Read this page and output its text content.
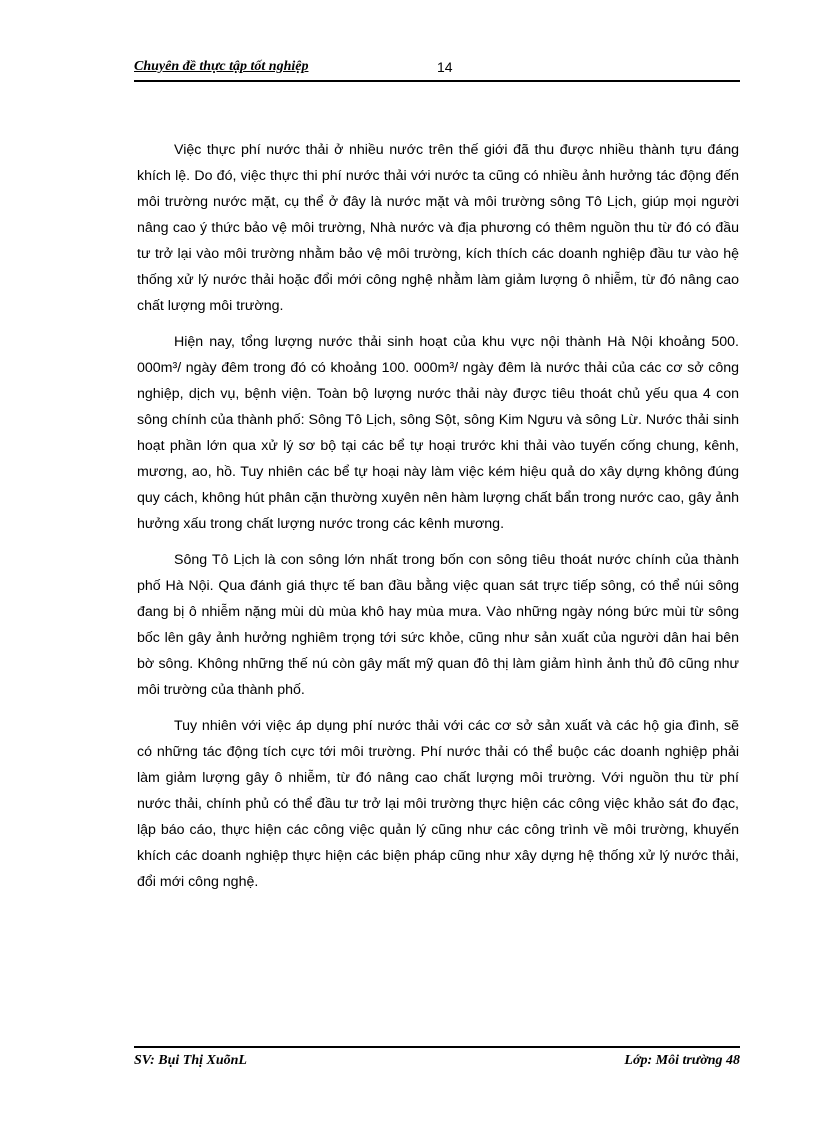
Chuyên đề thực tập tốt nghiệp	14

Việc thực phí nước thải ở nhiều nước trên thế giới đã thu được nhiều thành tựu đáng khích lệ. Do đó, việc thực thi phí nước thải với nước ta cũng có nhiều ảnh hưởng tác động đến môi trường nước mặt, cụ thể ở đây là nước mặt và môi trường sông Tô Lịch, giúp mọi người nâng cao ý thức bảo vệ môi trường, Nhà nước và địa phương có thêm nguồn thu từ đó có đầu tư trở lại vào môi trường nhằm bảo vệ môi trường, kích thích các doanh nghiệp đầu tư vào hệ thống xử lý nước thải hoặc đổi mới công nghệ nhằm làm giảm lượng ô nhiễm, từ đó nâng cao chất lượng môi trường.

Hiện nay, tổng lượng nước thải sinh hoạt của khu vực nội thành Hà Nội khoảng 500. 000m³/ ngày đêm trong đó có khoảng 100. 000m³/ ngày đêm là nước thải của các cơ sở công nghiệp, dịch vụ, bệnh viện. Toàn bộ lượng nước thải này được tiêu thoát chủ yếu qua 4 con sông chính của thành phố: Sông Tô Lịch, sông Sột, sông Kim Ngưu và sông Lừ. Nước thải sinh hoạt phần lớn qua xử lý sơ bộ tại các bể tự hoại trước khi thải vào tuyến cống chung, kênh, mương, ao, hồ. Tuy nhiên các bể tự hoại này làm việc kém hiệu quả do xây dựng không đúng quy cách, không hút phân cặn thường xuyên nên hàm lượng chất bẩn trong nước cao, gây ảnh hưởng xấu trong chất lượng nước trong các kênh mương.

Sông Tô Lịch là con sông lớn nhất trong bốn con sông tiêu thoát nước chính của thành phố Hà Nội. Qua đánh giá thực tế ban đầu bằng việc quan sát trực tiếp sông, có thể núi sông đang bị ô nhiễm nặng mùi dù mùa khô hay mùa mưa. Vào những ngày nóng bức mùi từ sông bốc lên gây ảnh hưởng nghiêm trọng tới sức khỏe, cũng như sản xuất của người dân hai bên bờ sông. Không những thế nú còn gây mất mỹ quan đô thị làm giảm hình ảnh thủ đô cũng như môi trường của thành phố.

Tuy nhiên với việc áp dụng phí nước thải với các cơ sở sản xuất và các hộ gia đình, sẽ có những tác động tích cực tới môi trường. Phí nước thải có thể buộc các doanh nghiệp phải làm giảm lượng gây ô nhiễm, từ đó nâng cao chất lượng môi trường. Với nguồn thu từ phí nước thải, chính phủ có thể đầu tư trở lại môi trường thực hiện các công việc khảo sát đo đạc, lập báo cáo, thực hiện các công việc quản lý cũng như các công trình về môi trường, khuyến khích các doanh nghiệp thực hiện các biện pháp cũng như xây dựng hệ thống xử lý nước thải, đổi mới công nghệ.

SV: Bụi Thị XuõnL	Lớp: Môi trường 48
